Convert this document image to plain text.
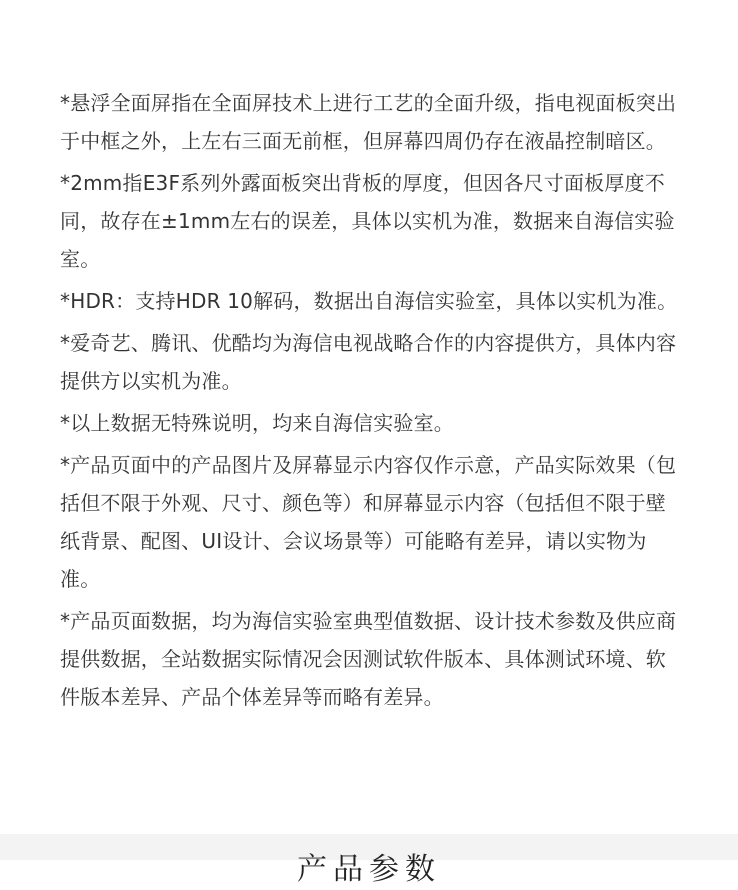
*悬浮全面屏指在全面屏技术上进行工艺的全面升级，指电视面板突出于中框之外，上左右三面无前框，但屏幕四周仍存在液晶控制暗区。

*2mm指E3F系列外露面板突出背板的厚度，但因各尺寸面板厚度不同，故存在±1mm左右的误差，具体以实机为准，数据来自海信实验室。

*HDR：支持HDR 10解码，数据出自海信实验室，具体以实机为准。

*爱奇艺、腾讯、优酷均为海信电视战略合作的内容提供方，具体内容提供方以实机为准。

*以上数据无特殊说明，均来自海信实验室。

*产品页面中的产品图片及屏幕显示内容仅作示意，产品实际效果（包括但不限于外观、尺寸、颜色等）和屏幕显示内容（包括但不限于壁纸背景、配图、UI设计、会议场景等）可能略有差异，请以实物为准。

*产品页面数据，均为海信实验室典型值数据、设计技术参数及供应商提供数据，全站数据实际情况会因测试软件版本、具体测试环境、软件版本差异、产品个体差异等而略有差异。

产品参数
